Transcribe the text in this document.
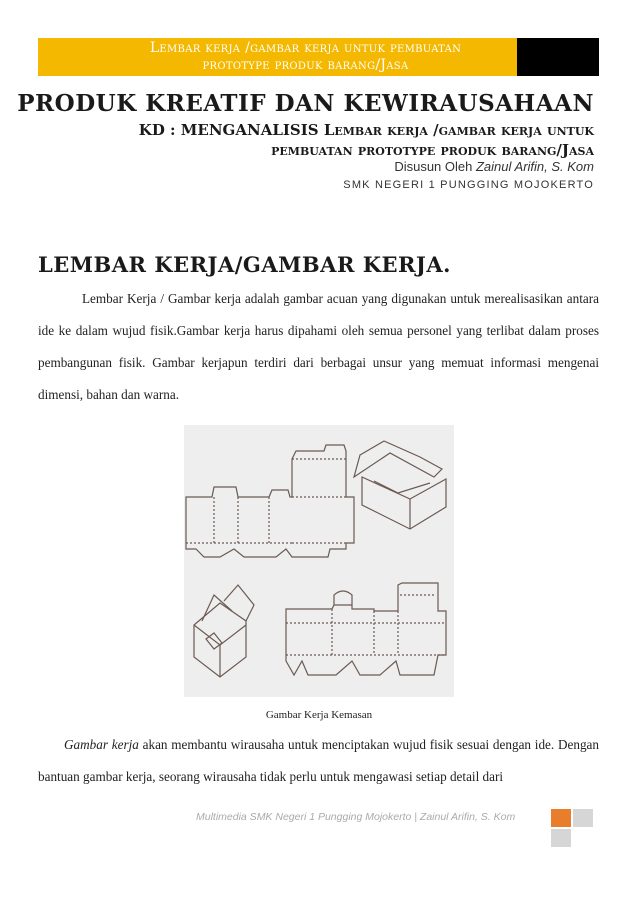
Lembar kerja /gambar kerja untuk pembuatan
prototype produk barang/Jasa
PRODUK KREATIF DAN KEWIRAUSAHAAN
KD : MENGANALISIS Lembar kerja /gambar kerja untuk
pembuatan prototype produk barang/Jasa
Disusun Oleh Zainul Arifin, S. Kom
SMK NEGERI 1 PUNGGING MOJOKERTO
LEMBAR KERJA/GAMBAR KERJA.
Lembar Kerja / Gambar kerja adalah gambar acuan yang digunakan untuk merealisasikan antara ide ke dalam wujud fisik.Gambar kerja harus dipahami oleh semua personel yang terlibat dalam proses pembangunan fisik. Gambar kerjapun terdiri dari berbagai unsur yang memuat informasi mengenai dimensi, bahan dan warna.
Gambar Kerja Kemasan
Gambar kerja akan membantu wirausaha untuk menciptakan wujud fisik sesuai dengan ide. Dengan bantuan gambar kerja, seorang wirausaha tidak perlu untuk mengawasi setiap detail dari
Multimedia SMK Negeri 1 Pungging Mojokerto | Zainul Arifin, S. Kom
